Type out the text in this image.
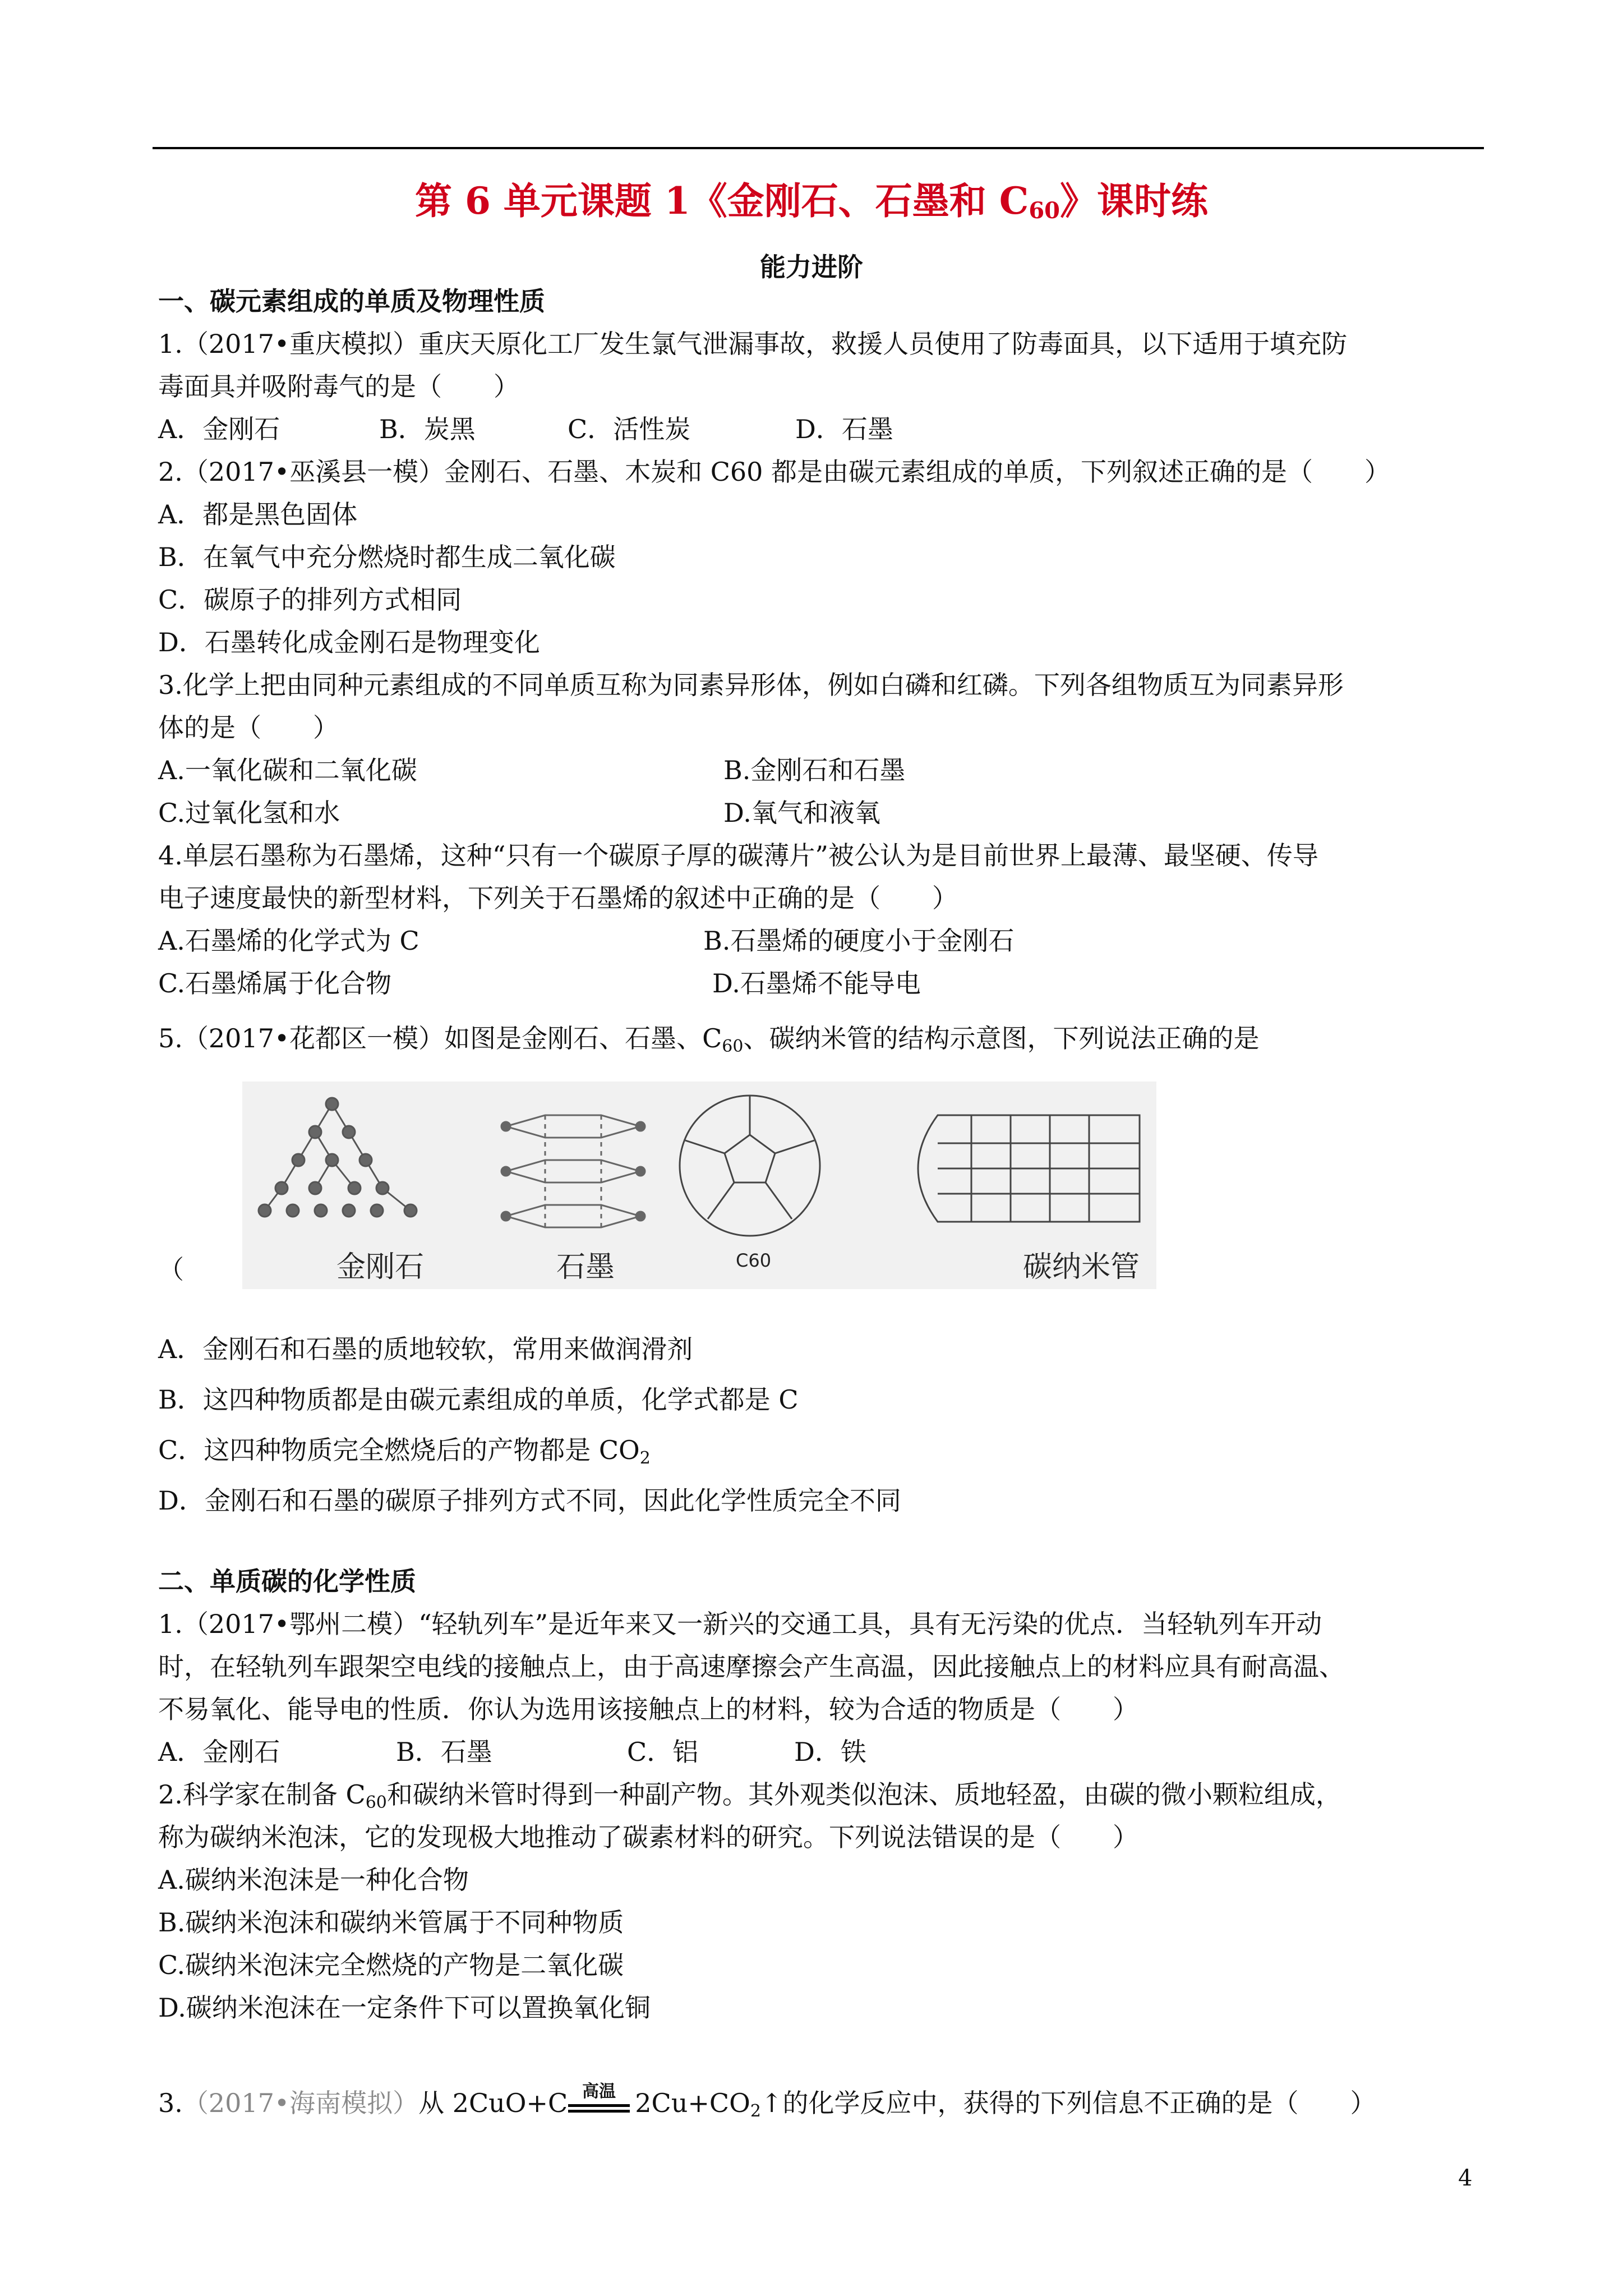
第 6 单元课题 1《金刚石、石墨和 $C_{60}$》课时练
能力进阶
一、碳元素组成的单质及物理性质
1.（2017•重庆模拟）重庆天原化工厂发生氯气泄漏事故，救援人员使用了防毒面具，以下适用于填充防
毒面具并吸附毒气的是（　　）
A．金刚石	B．炭黑	C．活性炭	D．石墨
2.（2017•巫溪县一模）金刚石、石墨、木炭和 C60 都是由碳元素组成的单质，下列叙述正确的是（　　）
A．都是黑色固体
B．在氧气中充分燃烧时都生成二氧化碳
C．碳原子的排列方式相同
D．石墨转化成金刚石是物理变化
3.化学上把由同种元素组成的不同单质互称为同素异形体，例如白磷和红磷。下列各组物质互为同素异形
体的是（　　）
A.一氧化碳和二氧化碳	B.金刚石和石墨
C.过氧化氢和水	D.氧气和液氧
4.单层石墨称为石墨烯，这种“只有一个碳原子厚的碳薄片”被公认为是目前世界上最薄、最坚硬、传导
电子速度最快的新型材料，下列关于石墨烯的叙述中正确的是（　　）
A.石墨烯的化学式为 C	B.石墨烯的硬度小于金刚石
C.石墨烯属于化合物	D.石墨烯不能导电
5.（2017•花都区一模）如图是金刚石、石墨、$C_{60}$、碳纳米管的结构示意图，下列说法正确的是
（	金刚石	石墨	C60	碳纳米管
A．金刚石和石墨的质地较软，常用来做润滑剂
B．这四种物质都是由碳元素组成的单质，化学式都是 C
C．这四种物质完全燃烧后的产物都是 $CO_2$
D．金刚石和石墨的碳原子排列方式不同，因此化学性质完全不同
二、单质碳的化学性质
1.（2017•鄂州二模）“轻轨列车”是近年来又一新兴的交通工具，具有无污染的优点．当轻轨列车开动
时，在轻轨列车跟架空电线的接触点上，由于高速摩擦会产生高温，因此接触点上的材料应具有耐高温、
不易氧化、能导电的性质．你认为选用该接触点上的材料，较为合适的物质是（　　）
A．金刚石	B．石墨	C．铝	D．铁
2.科学家在制备 $C_{60}$和碳纳米管时得到一种副产物。其外观类似泡沫、质地轻盈，由碳的微小颗粒组成，
称为碳纳米泡沫，它的发现极大地推动了碳素材料的研究。下列说法错误的是（　　）
A.碳纳米泡沫是一种化合物
B.碳纳米泡沫和碳纳米管属于不同种物质
C.碳纳米泡沫完全燃烧的产物是二氧化碳
D.碳纳米泡沫在一定条件下可以置换氧化铜
3.（2017•海南模拟）从 2CuO+C	$2Cu+CO_2↑$的化学反应中，获得的下列信息不正确的是（　　）
高温
4
